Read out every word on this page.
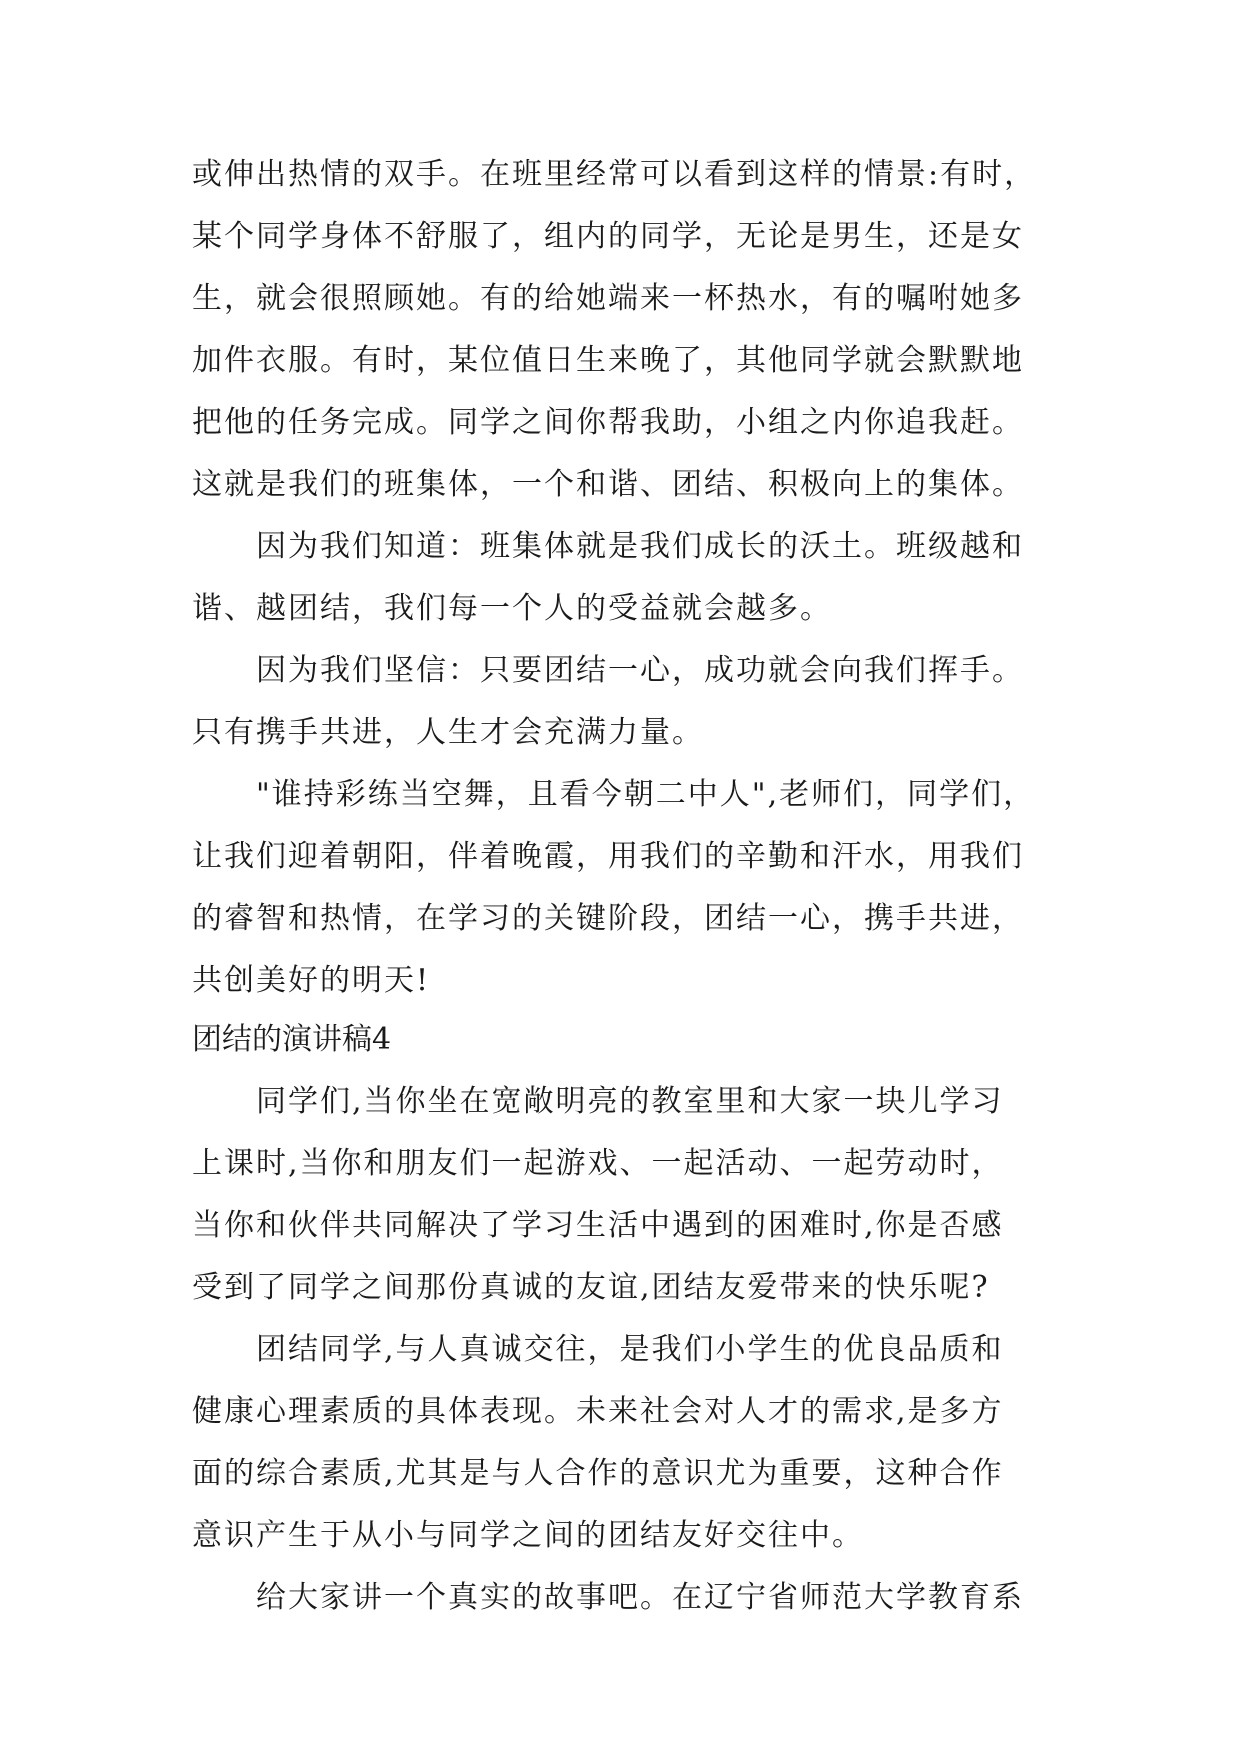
或伸出热情的双手。在班里经常可以看到这样的情景:有时，
某个同学身体不舒服了，组内的同学，无论是男生，还是女
生，就会很照顾她。有的给她端来一杯热水，有的嘱咐她多
加件衣服。有时，某位值日生来晚了，其他同学就会默默地
把他的任务完成。同学之间你帮我助，小组之内你追我赶。
这就是我们的班集体，一个和谐、团结、积极向上的集体。
因为我们知道：班集体就是我们成长的沃土。班级越和
谐、越团结，我们每一个人的受益就会越多。
因为我们坚信：只要团结一心，成功就会向我们挥手。
只有携手共进，人生才会充满力量。
"谁持彩练当空舞，且看今朝二中人",老师们，同学们，
让我们迎着朝阳，伴着晚霞，用我们的辛勤和汗水，用我们
的睿智和热情，在学习的关键阶段，团结一心，携手共进，
共创美好的明天!
团结的演讲稿4
同学们,当你坐在宽敞明亮的教室里和大家一块儿学习
上课时,当你和朋友们一起游戏、一起活动、一起劳动时，
当你和伙伴共同解决了学习生活中遇到的困难时,你是否感
受到了同学之间那份真诚的友谊,团结友爱带来的快乐呢?
团结同学,与人真诚交往，是我们小学生的优良品质和
健康心理素质的具体表现。未来社会对人才的需求,是多方
面的综合素质,尤其是与人合作的意识尤为重要，这种合作
意识产生于从小与同学之间的团结友好交往中。
给大家讲一个真实的故事吧。在辽宁省师范大学教育系
